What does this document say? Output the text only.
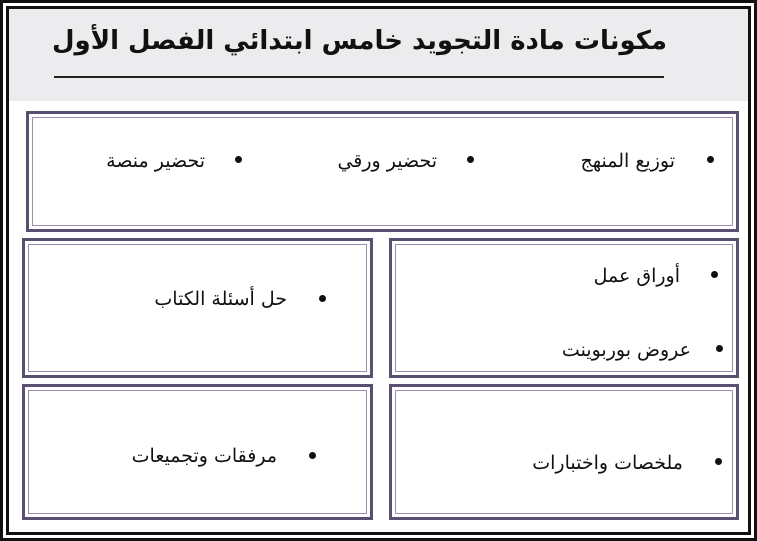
مكونات مادة التجويد خامس ابتدائي الفصل الأول
توزيع المنهج
تحضير ورقي
تحضير منصة
أوراق عمل
عروض بوربوينت
حل أسئلة الكتاب
ملخصات واختبارات
مرفقات وتجميعات
